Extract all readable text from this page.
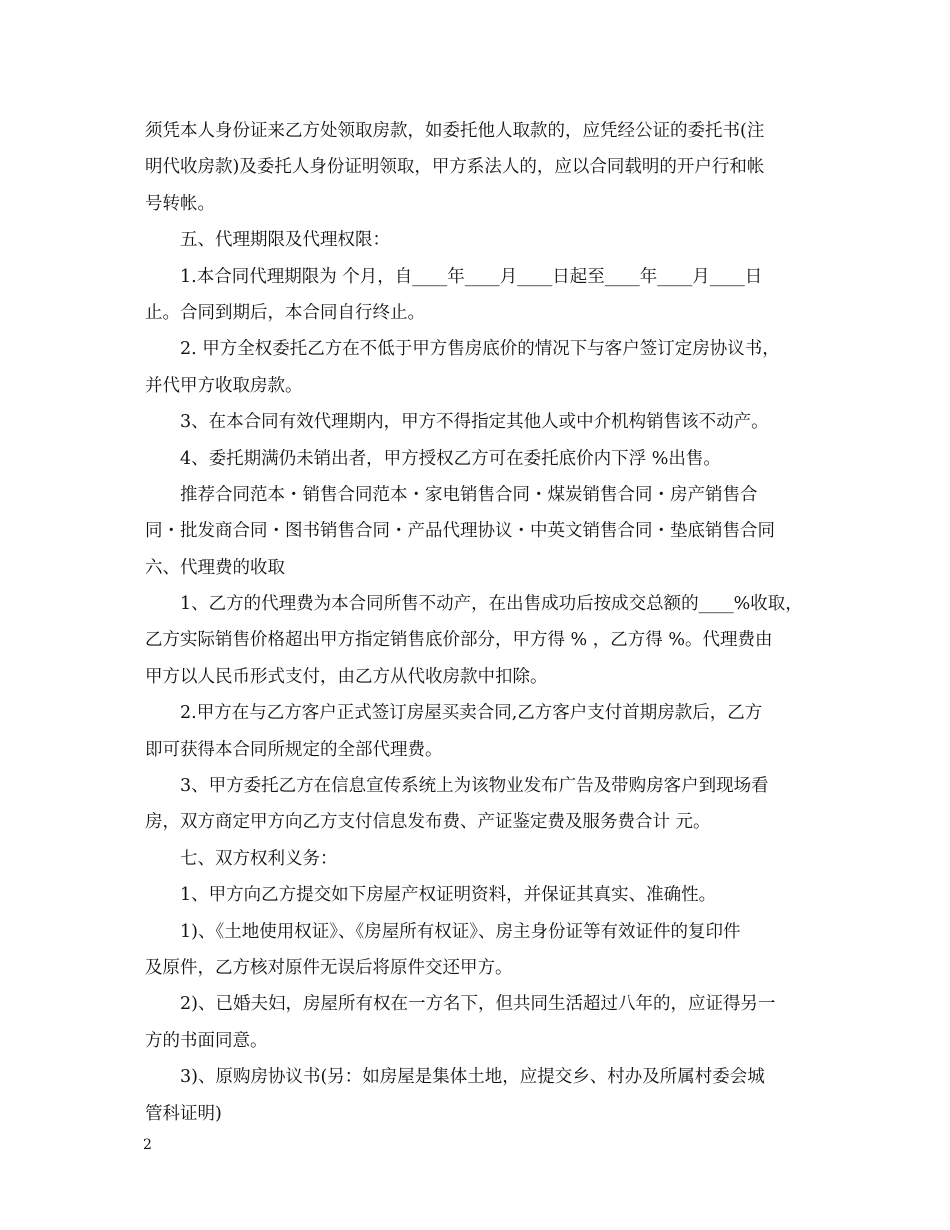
须凭本人身份证来乙方处领取房款，如委托他人取款的，应凭经公证的委托书(注
明代收房款)及委托人身份证明领取，甲方系法人的，应以合同载明的开户行和帐
号转帐。
五、代理期限及代理权限：
1.本合同代理期限为 个月，自____年____月____日起至____年____月____日
止。合同到期后，本合同自行终止。
2. 甲方全权委托乙方在不低于甲方售房底价的情况下与客户签订定房协议书，
并代甲方收取房款。
3、在本合同有效代理期内，甲方不得指定其他人或中介机构销售该不动产。
4、委托期满仍未销出者，甲方授权乙方可在委托底价内下浮 %出售。
推荐合同范本・销售合同范本・家电销售合同・煤炭销售合同・房产销售合
同・批发商合同・图书销售合同・产品代理协议・中英文销售合同・垫底销售合同
六、代理费的收取
1、乙方的代理费为本合同所售不动产，在出售成功后按成交总额的____%收取，
乙方实际销售价格超出甲方指定销售底价部分，甲方得 % ，乙方得 %。代理费由
甲方以人民币形式支付，由乙方从代收房款中扣除。
2.甲方在与乙方客户正式签订房屋买卖合同,乙方客户支付首期房款后，乙方
即可获得本合同所规定的全部代理费。
3、甲方委托乙方在信息宣传系统上为该物业发布广告及带购房客户到现场看
房，双方商定甲方向乙方支付信息发布费、产证鉴定费及服务费合计 元。
七、双方权利义务：
1、甲方向乙方提交如下房屋产权证明资料，并保证其真实、准确性。
1)、《土地使用权证》、《房屋所有权证》、房主身份证等有效证件的复印件
及原件，乙方核对原件无误后将原件交还甲方。
2)、已婚夫妇，房屋所有权在一方名下，但共同生活超过八年的，应证得另一
方的书面同意。
3)、原购房协议书(另：如房屋是集体土地，应提交乡、村办及所属村委会城
管科证明)
2
